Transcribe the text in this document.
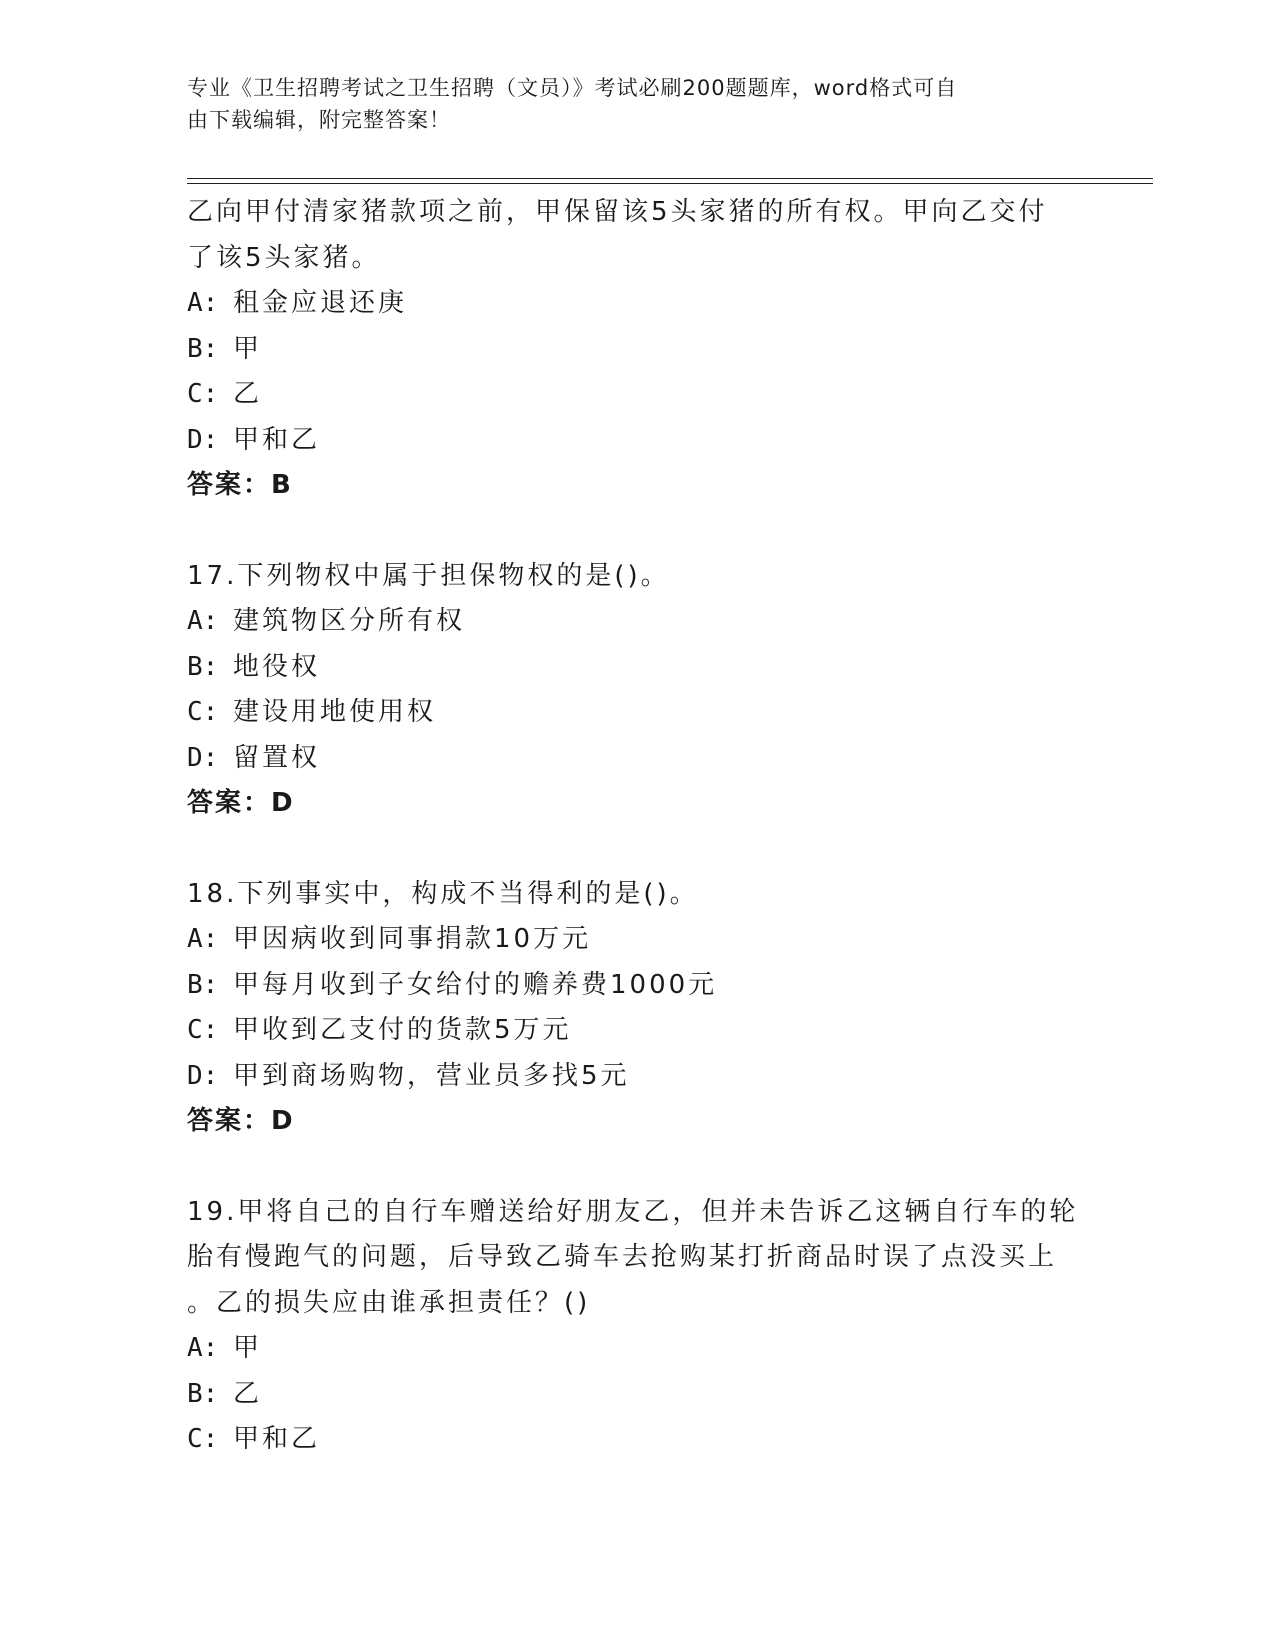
专业《卫生招聘考试之卫生招聘（文员）》考试必刷200题题库，word格式可自
由下载编辑，附完整答案！
乙向甲付清家猪款项之前，甲保留该5头家猪的所有权。甲向乙交付
了该5头家猪。
A: 租金应退还庚
B: 甲
C: 乙
D: 甲和乙
答案：B
17.下列物权中属于担保物权的是()。
A: 建筑物区分所有权
B: 地役权
C: 建设用地使用权
D: 留置权
答案：D
18.下列事实中，构成不当得利的是()。
A: 甲因病收到同事捐款10万元
B: 甲每月收到子女给付的赡养费1000元
C: 甲收到乙支付的货款5万元
D: 甲到商场购物，营业员多找5元
答案：D
19.甲将自己的自行车赠送给好朋友乙，但并未告诉乙这辆自行车的轮
胎有慢跑气的问题，后导致乙骑车去抢购某打折商品时误了点没买上
。乙的损失应由谁承担责任？()
A: 甲
B: 乙
C: 甲和乙
